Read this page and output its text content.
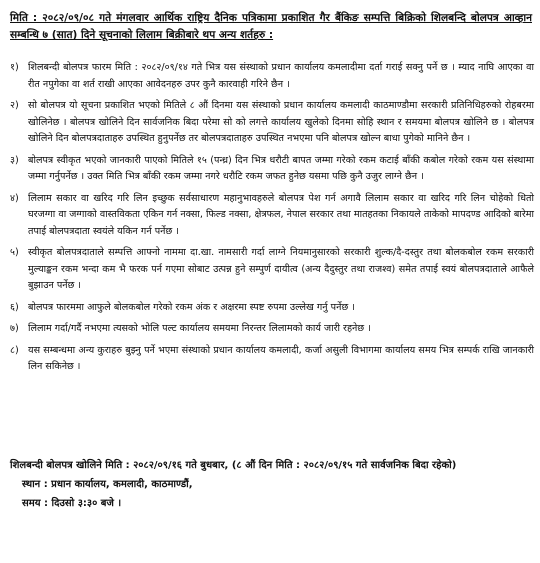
मिति : २०८२/०९/०८ गते मंगलवार आर्थिक राष्ट्रिय दैनिक पत्रिकामा प्रकाशित गैर बैंकिङ सम्पत्ति बिक्रिको शिलबन्दि बोलपत्र आव्हान सम्बन्धि ७ (सात) दिने सूचनाको लिलाम बिक्रीबारे थप अन्य शर्तहरु :
१) शिलबन्दी बोलपत्र फारम मिति : २०८२/०९/१४ गते भित्र यस संस्थाको प्रधान कार्यालय कमलादीमा दर्ता गराई सक्नु पर्ने छ । म्याद नाघि आएका वा रीत नपुगेका वा शर्त राखी आएका आवेदनहरु उपर कुनै कारवाही गरिने छैन ।
२) सो बोलपत्र यो सूचना प्रकाशित भएको मितिले ८ औं दिनमा यस संस्थाको प्रधान कार्यालय कमलादी काठमाण्डौमा सरकारी प्रतिनिधिहरुको रोहबरमा खोलिनेछ । बोलपत्र खोलिने दिन सार्वजनिक बिदा परेमा सो को लगत्ते कार्यालय खुलेको दिनमा सोहि स्थान र समयमा बोलपत्र खोलिने छ । बोलपत्र खोलिने दिन बोलपत्रदाताहरु उपस्थित हुनुपर्नेछ तर बोलपत्रदाताहरु उपस्थित नभएमा पनि बोलपत्र खोल्न बाधा पुगेको मानिने छैन ।
३) बोलपत्र स्वीकृत भएको जानकारी पाएको मितिले १५ (पन्ध्र) दिन भित्र धरौटी बापत जम्मा गरेको रकम कटाई बाँकी कबोल गरेको रकम यस संस्थामा जम्मा गर्नुपर्नेछ । उक्त मिति भित्र बाँकी रकम जम्मा नगरे धरौटि रकम जफत हुनेछ यसमा पछि कुनै उजुर लाग्ने छैन ।
४) लिलाम सकार वा खरिद गरि लिन इच्छुक सर्वसाधारण महानुभावहरुले बोलपत्र पेश गर्न अगावै लिलाम सकार वा खरिद गरि लिन चोहेको धितो घरजग्गा वा जग्गाको वास्तविकता एकिन गर्न नक्सा, फिल्ड नक्सा, क्षेत्रफल, नेपाल सरकार तथा मातहतका निकायले ताकेको मापदण्ड आदिको बारेमा तपाई बोलपत्रदाता स्वयंले यकिन गर्न पर्नेछ ।
५) स्वीकृत बोलपत्रदाताले सम्पत्ति आफ्नो नाममा दा.खा. नामसारी गर्दा लाग्ने नियमानुसारको सरकारी शुल्क/दै-दस्तुर तथा बोलकबोल रकम सरकारी मुल्याङ्कन रकम भन्दा कम भै फरक पर्न गएमा सोबाट उत्पन्न हुने सम्पुर्ण दायीत्व (अन्य दैदुस्तुर तथा राजश्व) समेत तपाई स्वयं बोलपत्रदाताले आफैले बुझाउन पर्नेछ ।
६) बोलपत्र फारममा आफुले बोलकबोल गरेको रकम अंक र अक्षरमा स्पष्ट रुपमा उल्लेख गर्नु पर्नेछ ।
७) लिलाम गर्दा/गर्दै नभएमा त्यसको भोलि पल्ट कार्यालय समयमा निरन्तर लिलामको कार्य जारी रहनेछ ।
८) यस सम्बन्धमा अन्य कुराहरु बुझ्नु पर्ने भएमा संस्थाको प्रधान कार्यालय कमलादी, कर्जा असुली विभागमा कार्यालय समय भित्र सम्पर्क राखि जानकारी लिन सकिनेछ ।
शिलबन्दी बोलपत्र खोलिने मिति : २०८२/०९/१६ गते बुधबार, (८ औं दिन मिति : २०८२/०९/१५ गते सार्वजनिक बिदा रहेको)
स्थान : प्रधान कार्यालय, कमलादी, काठमाण्डौं,
समय : दिउसो ३:३० बजे ।
